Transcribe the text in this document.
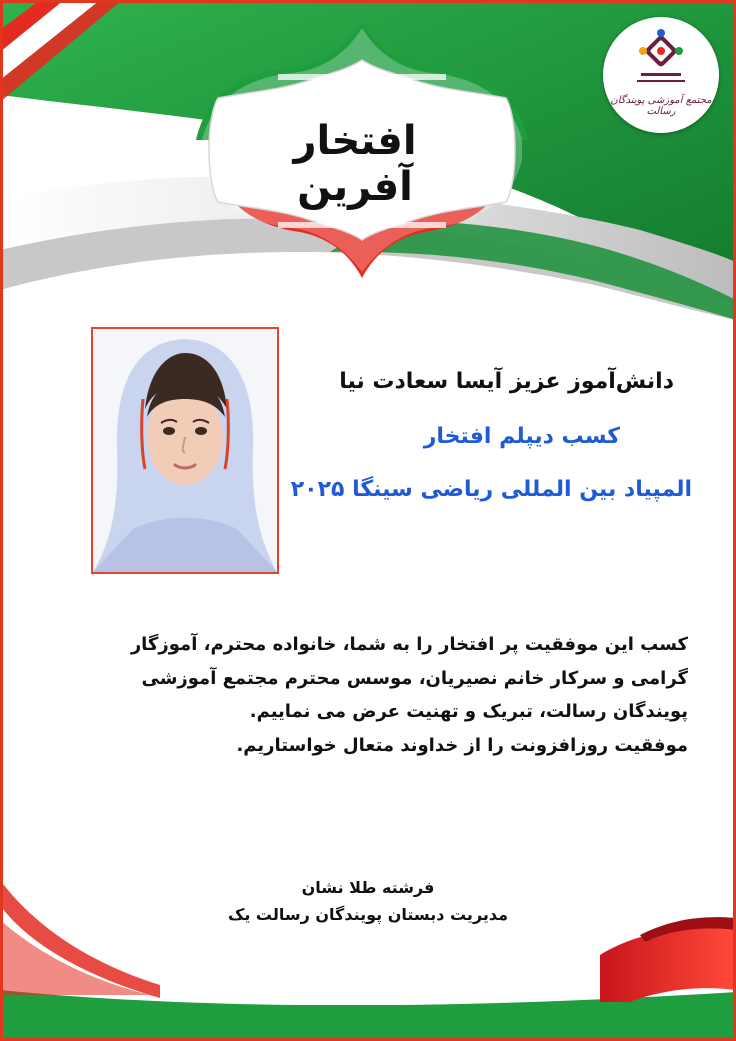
مجتمع آموزشی پویندگان رسالت
افتخار آفرین
دانش‌آموز عزیز آیسا سعادت نیا
کسب دیپلم افتخار
المپیاد بین المللی ریاضی سینگا ۲۰۲۵
کسب این موفقیت پر افتخار را به شما، خانواده محترم، آموزگار
گرامی و سرکار خانم نصیریان، موسس محترم مجتمع آموزشی
پویندگان رسالت، تبریک و تهنیت عرض می نماییم.
موفقیت روزافزونت را از خداوند متعال خواستاریم.
فرشته طلا نشان
مدیریت دبستان پویندگان رسالت یک
